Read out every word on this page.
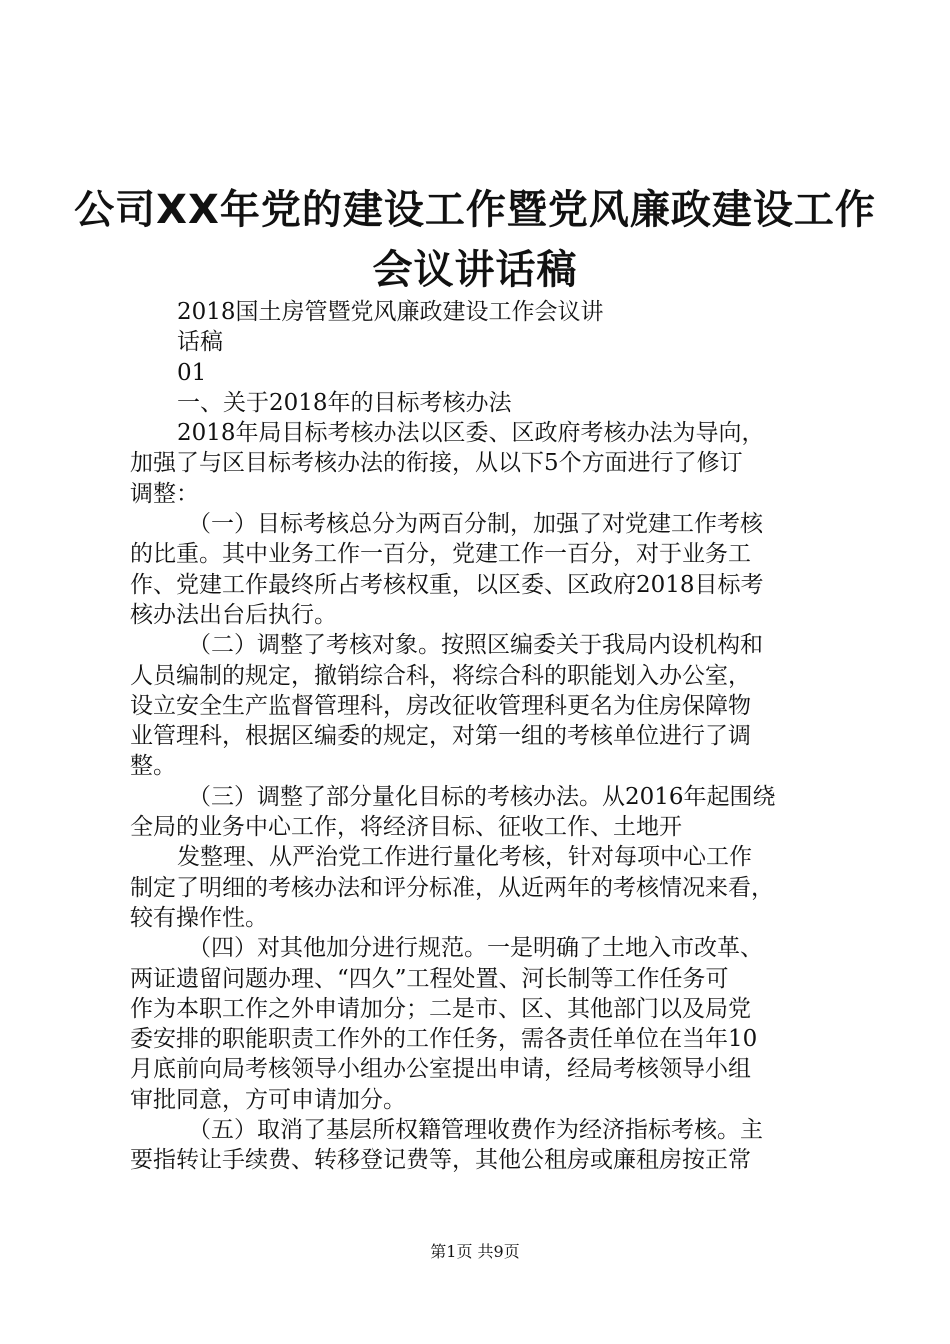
公司XX年党的建设工作暨党风廉政建设工作
会议讲话稿
2018国土房管暨党风廉政建设工作会议讲
话稿
01
一、关于2018年的目标考核办法
2018年局目标考核办法以区委、区政府考核办法为导向，
加强了与区目标考核办法的衔接，从以下5个方面进行了修订
调整：
（一）目标考核总分为两百分制，加强了对党建工作考核
的比重。其中业务工作一百分，党建工作一百分，对于业务工
作、党建工作最终所占考核权重，以区委、区政府2018目标考
核办法出台后执行。
（二）调整了考核对象。按照区编委关于我局内设机构和
人员编制的规定，撤销综合科，将综合科的职能划入办公室，
设立安全生产监督管理科，房改征收管理科更名为住房保障物
业管理科，根据区编委的规定，对第一组的考核单位进行了调
整。
（三）调整了部分量化目标的考核办法。从2016年起围绕
全局的业务中心工作，将经济目标、征收工作、土地开
发整理、从严治党工作进行量化考核，针对每项中心工作
制定了明细的考核办法和评分标准，从近两年的考核情况来看，
较有操作性。
（四）对其他加分进行规范。一是明确了土地入市改革、
两证遗留问题办理、“四久”工程处置、河长制等工作任务可
作为本职工作之外申请加分；二是市、区、其他部门以及局党
委安排的职能职责工作外的工作任务，需各责任单位在当年10
月底前向局考核领导小组办公室提出申请，经局考核领导小组
审批同意，方可申请加分。
（五）取消了基层所权籍管理收费作为经济指标考核。主
要指转让手续费、转移登记费等，其他公租房或廉租房按正常
第1页 共9页
